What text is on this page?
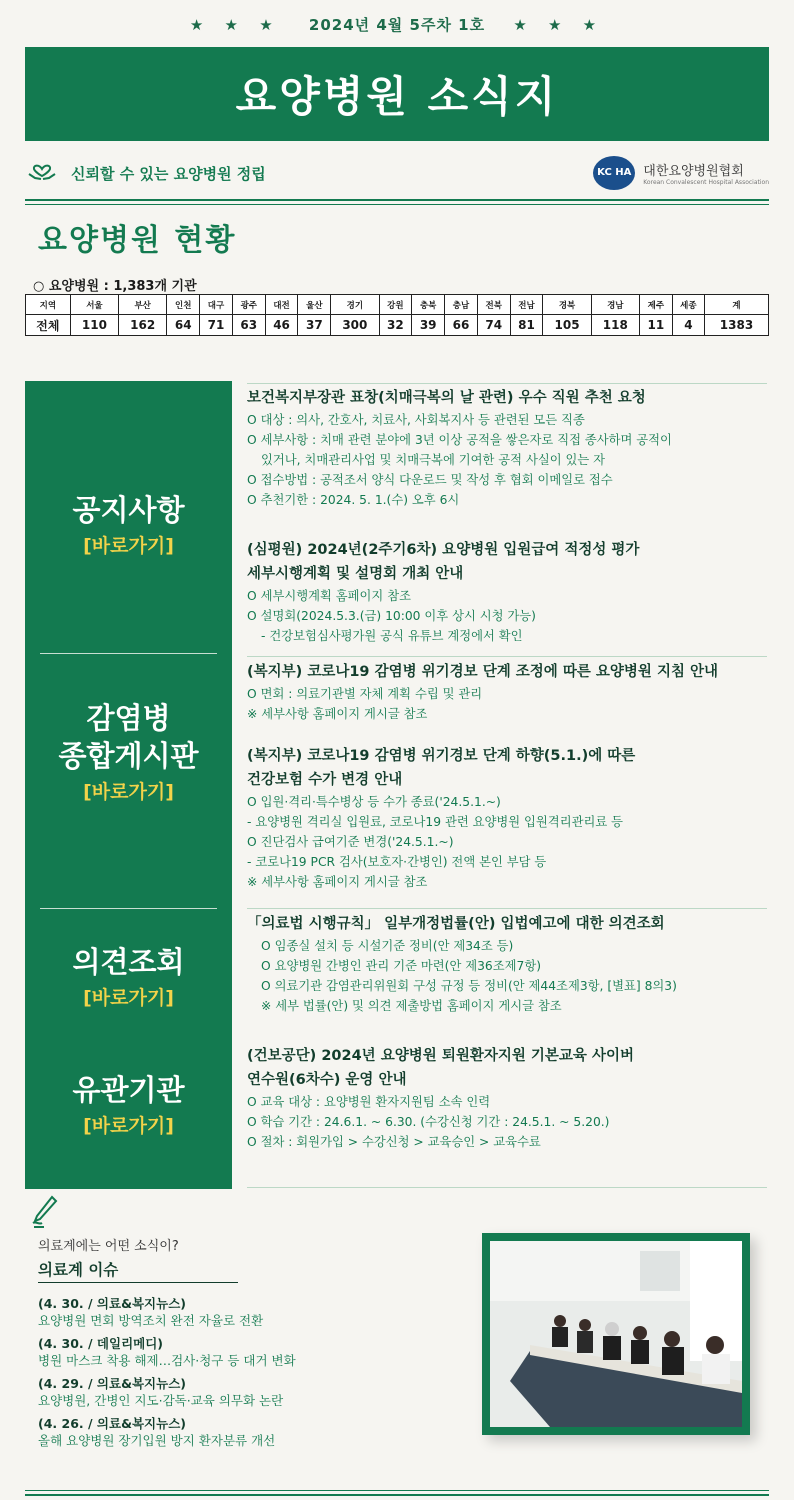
★ ★ ★ 2024년 4월 5주차 1호 ★ ★ ★
요양병원 소식지
신뢰할 수 있는 요양병원 정립	KC HA 대한요양병원협회
Korean Convalescent Hospital Association
요양병원 현황
○ 요양병원 : 1,383개 기관
지역	서울	부산	인천	대구	광주	대전	울산	경기	강원	충북	충남	전북	전남	경북	경남	제주	세종	계
전체	110	162	64	71	63	46	37	300	32	39	66	74	81	105	118	11	4	1383
공지사항
[바로가기]
감염병
종합게시판
[바로가기]
의견조회
[바로가기]
유관기관
[바로가기]
보건복지부장관 표창(치매극복의 날 관련) 우수 직원 추천 요청
O 대상 : 의사, 간호사, 치료사, 사회복지사 등 관련된 모든 직종
O 세부사항 : 치매 관련 분야에 3년 이상 공적을 쌓은자로 직접 종사하며 공적이
있거나, 치매관리사업 및 치매극복에 기여한 공적 사실이 있는 자
O 접수방법 : 공적조서 양식 다운로드 및 작성 후 협회 이메일로 접수
O 추천기한 : 2024. 5. 1.(수) 오후 6시
(심평원) 2024년(2주기6차) 요양병원 입원급여 적정성 평가
세부시행계획 및 설명회 개최 안내
O 세부시행계획 홈페이지 참조
O 설명회(2024.5.3.(금) 10:00 이후 상시 시청 가능)
- 건강보험심사평가원 공식 유튜브 계정에서 확인
(복지부) 코로나19 감염병 위기경보 단계 조정에 따른 요양병원 지침 안내
O 면회 : 의료기관별 자체 계획 수립 및 관리
※ 세부사항 홈페이지 게시글 참조
(복지부) 코로나19 감염병 위기경보 단계 하향(5.1.)에 따른
건강보험 수가 변경 안내
O 입원·격리·특수병상 등 수가 종료('24.5.1.~)
- 요양병원 격리실 입원료, 코로나19 관련 요양병원 입원격리관리료 등
O 진단검사 급여기준 변경('24.5.1.~)
- 코로나19 PCR 검사(보호자·간병인) 전액 본인 부담 등
※ 세부사항 홈페이지 게시글 참조
「의료법 시행규칙」 일부개정법률(안) 입법예고에 대한 의견조회
O 임종실 설치 등 시설기준 정비(안 제34조 등)
O 요양병원 간병인 관리 기준 마련(안 제36조제7항)
O 의료기관 감염관리위원회 구성 규정 등 정비(안 제44조제3항, [별표] 8의3)
※ 세부 법률(안) 및 의견 제출방법 홈페이지 게시글 참조
(건보공단) 2024년 요양병원 퇴원환자지원 기본교육 사이버
연수원(6차수) 운영 안내
O 교육 대상 : 요양병원 환자지원팀 소속 인력
O 학습 기간 : 24.6.1. ~ 6.30. (수강신청 기간 : 24.5.1. ~ 5.20.)
O 절차 : 회원가입 > 수강신청 > 교육승인 > 교육수료
의료계에는 어떤 소식이?
의료계 이슈
(4. 30. / 의료&복지뉴스)
요양병원 면회 방역조치 완전 자율로 전환
(4. 30. / 데일리메디)
병원 마스크 착용 해제…검사·청구 등 대거 변화
(4. 29. / 의료&복지뉴스)
요양병원, 간병인 지도·감독·교육 의무화 논란
(4. 26. / 의료&복지뉴스)
올해 요양병원 장기입원 방지 환자분류 개선
